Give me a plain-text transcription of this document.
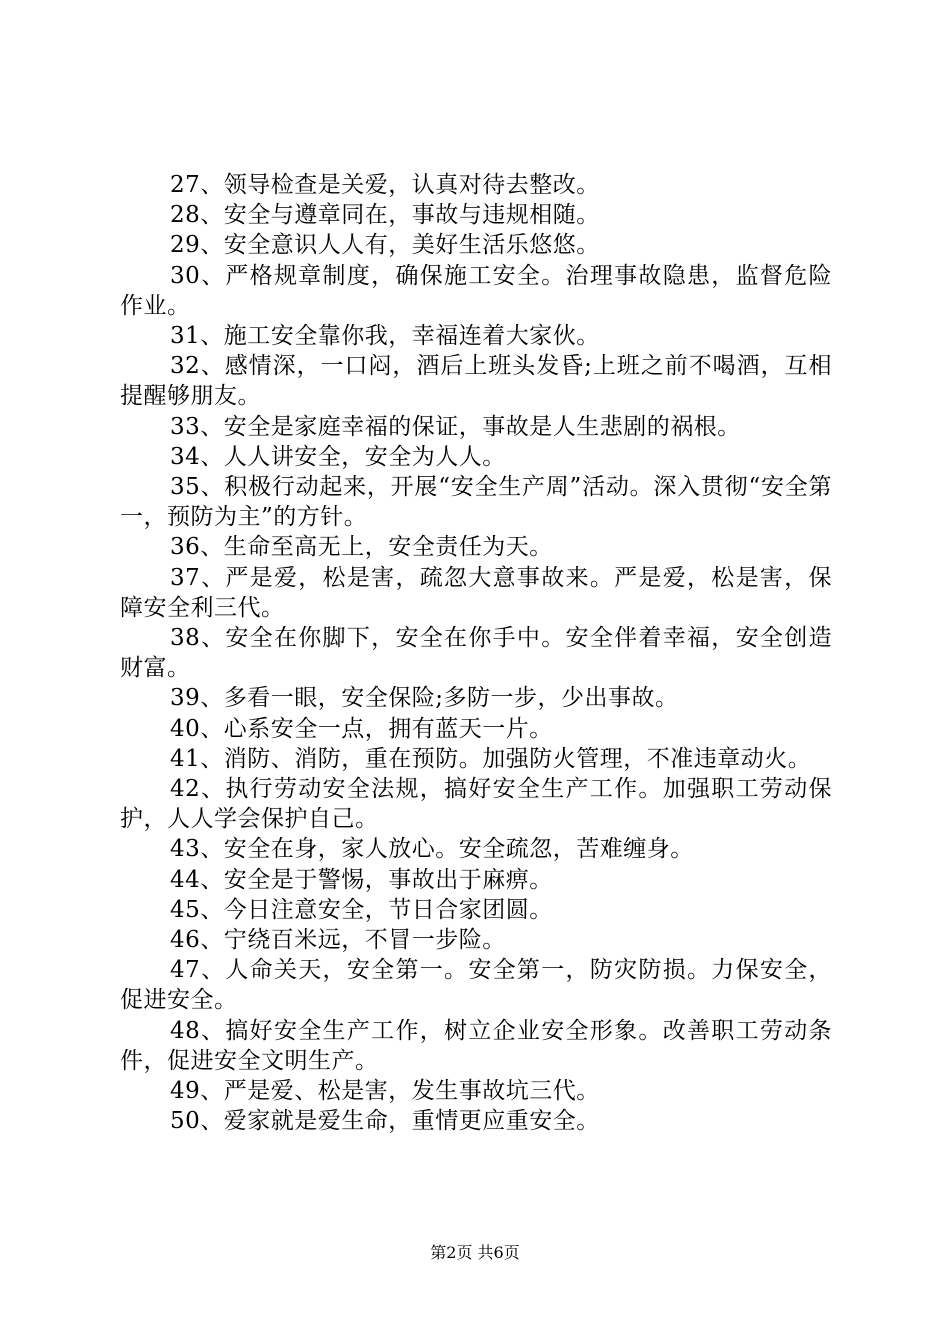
27、领导检查是关爱，认真对待去整改。

28、安全与遵章同在，事故与违规相随。

29、安全意识人人有，美好生活乐悠悠。

30、严格规章制度，确保施工安全。治理事故隐患，监督危险作业。

31、施工安全靠你我，幸福连着大家伙。

32、感情深，一口闷，酒后上班头发昏;上班之前不喝酒，互相提醒够朋友。

33、安全是家庭幸福的保证，事故是人生悲剧的祸根。

34、人人讲安全，安全为人人。

35、积极行动起来，开展“安全生产周”活动。深入贯彻“安全第一，预防为主”的方针。

36、生命至高无上，安全责任为天。

37、严是爱，松是害，疏忽大意事故来。严是爱，松是害，保障安全利三代。

38、安全在你脚下，安全在你手中。安全伴着幸福，安全创造财富。

39、多看一眼，安全保险;多防一步，少出事故。

40、心系安全一点，拥有蓝天一片。

41、消防、消防，重在预防。加强防火管理，不准违章动火。

42、执行劳动安全法规，搞好安全生产工作。加强职工劳动保护，人人学会保护自己。

43、安全在身，家人放心。安全疏忽，苦难缠身。

44、安全是于警惕，事故出于麻痹。

45、今日注意安全，节日合家团圆。

46、宁绕百米远，不冒一步险。

47、人命关天，安全第一。安全第一，防灾防损。力保安全，促进安全。

48、搞好安全生产工作，树立企业安全形象。改善职工劳动条件，促进安全文明生产。

49、严是爱、松是害，发生事故坑三代。

50、爱家就是爱生命，重情更应重安全。

第2页 共6页
